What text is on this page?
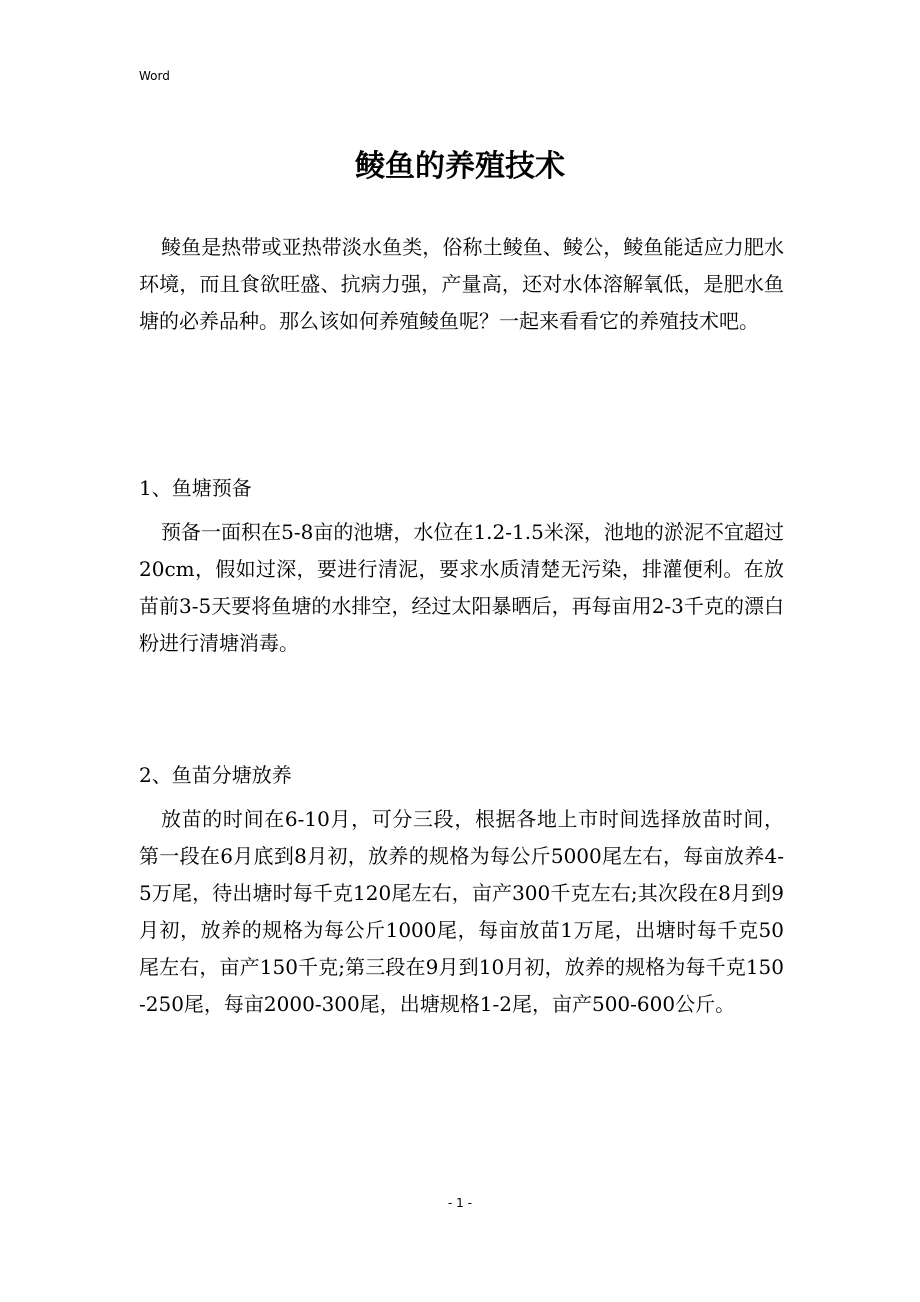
Word
鲮鱼的养殖技术

鲮鱼是热带或亚热带淡水鱼类，俗称土鲮鱼、鲮公，鲮鱼能适应力肥水环境，而且食欲旺盛、抗病力强，产量高，还对水体溶解氧低，是肥水鱼塘的必养品种。那么该如何养殖鲮鱼呢？一起来看看它的养殖技术吧。

1、鱼塘预备

预备一面积在5-8亩的池塘，水位在1.2-1.5米深，池地的淤泥不宜超过20cm，假如过深，要进行清泥，要求水质清楚无污染，排灌便利。在放苗前3-5天要将鱼塘的水排空，经过太阳暴晒后，再每亩用2-3千克的漂白粉进行清塘消毒。

2、鱼苗分塘放养

放苗的时间在6-10月，可分三段，根据各地上市时间选择放苗时间，第一段在6月底到8月初，放养的规格为每公斤5000尾左右，每亩放养4-5万尾，待出塘时每千克120尾左右，亩产300千克左右;其次段在8月到9月初，放养的规格为每公斤1000尾，每亩放苗1万尾，出塘时每千克50尾左右，亩产150千克;第三段在9月到10月初，放养的规格为每千克150-250尾，每亩2000-300尾，出塘规格1-2尾，亩产500-600公斤。

- 1 -
